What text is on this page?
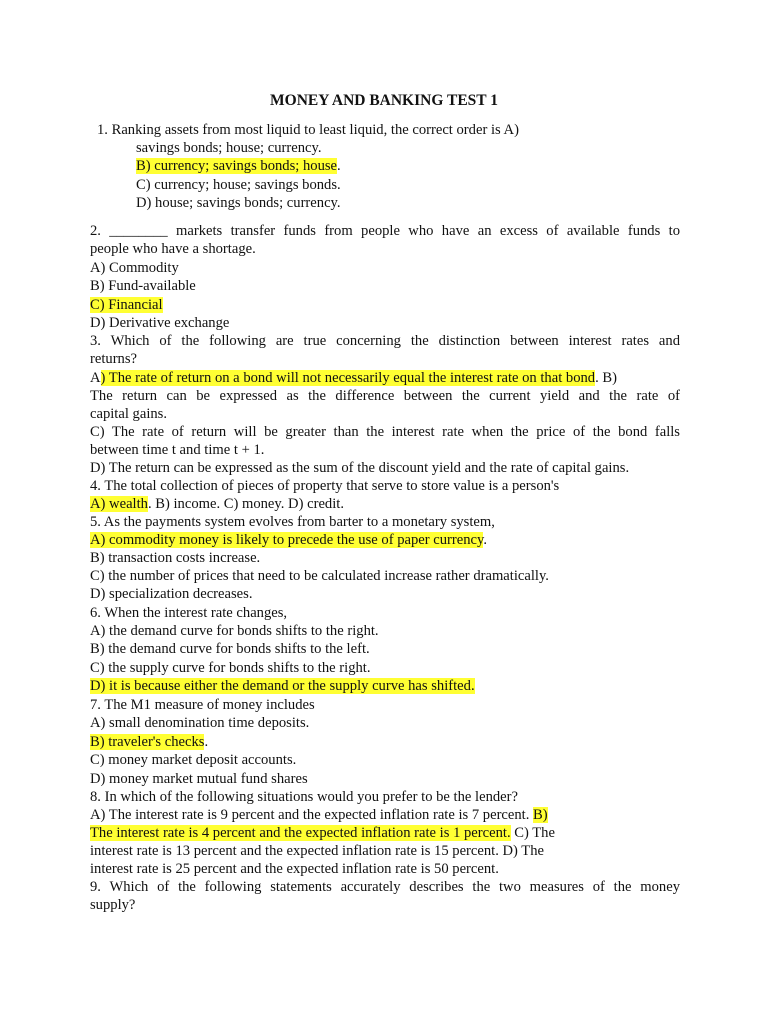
MONEY AND BANKING TEST 1
1. Ranking assets from most liquid to least liquid, the correct order is A)
savings bonds; house; currency.
B) currency; savings bonds; house.
C) currency; house; savings bonds.
D) house; savings bonds; currency.
2. ________ markets transfer funds from people who have an excess of available funds to
people who have a shortage.
A) Commodity
B) Fund-available
C) Financial
D) Derivative exchange
3. Which of the following are true concerning the distinction between interest rates and
returns?
A) The rate of return on a bond will not necessarily equal the interest rate on that bond. B)
The return can be expressed as the difference between the current yield and the rate of
capital gains.
C) The rate of return will be greater than the interest rate when the price of the bond falls
between time t and time t + 1.
D) The return can be expressed as the sum of the discount yield and the rate of capital gains.
4. The total collection of pieces of property that serve to store value is a person's
A) wealth. B) income. C) money. D) credit.
5. As the payments system evolves from barter to a monetary system,
A) commodity money is likely to precede the use of paper currency.
B) transaction costs increase.
C) the number of prices that need to be calculated increase rather dramatically.
D) specialization decreases.
6. When the interest rate changes,
A) the demand curve for bonds shifts to the right.
B) the demand curve for bonds shifts to the left.
C) the supply curve for bonds shifts to the right.
D) it is because either the demand or the supply curve has shifted.
7. The M1 measure of money includes
A) small denomination time deposits.
B) traveler's checks.
C) money market deposit accounts.
D) money market mutual fund shares
8. In which of the following situations would you prefer to be the lender?
A) The interest rate is 9 percent and the expected inflation rate is 7 percent. B)
The interest rate is 4 percent and the expected inflation rate is 1 percent. C) The
interest rate is 13 percent and the expected inflation rate is 15 percent. D) The
interest rate is 25 percent and the expected inflation rate is 50 percent.
9. Which of the following statements accurately describes the two measures of the money
supply?
